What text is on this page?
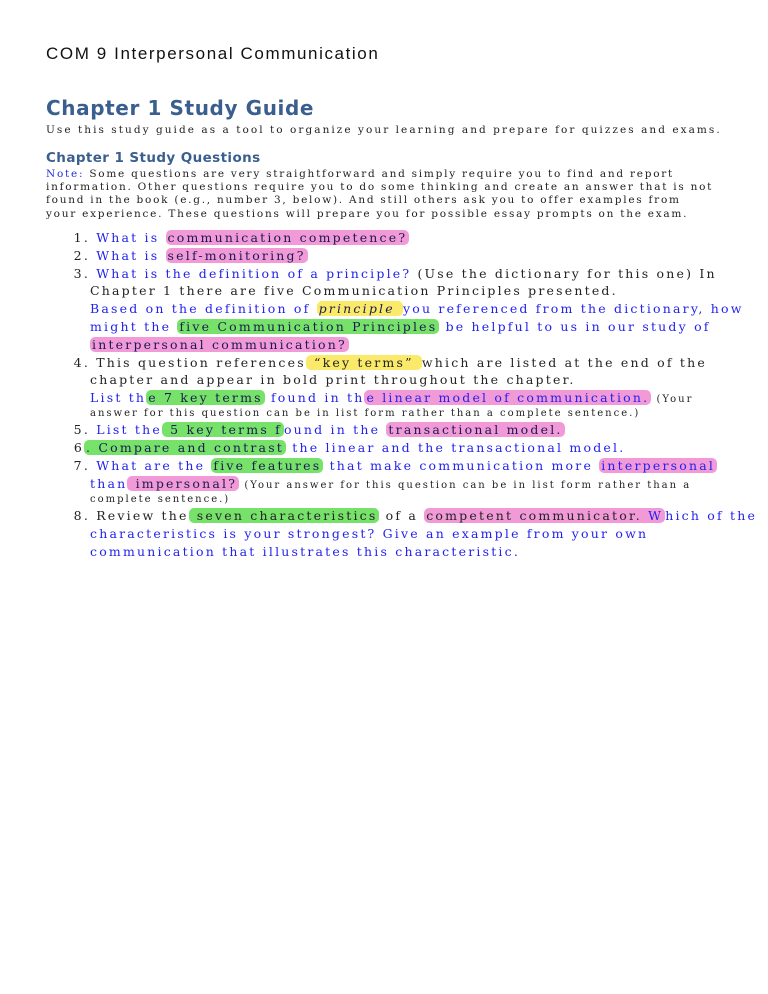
COM 9 Interpersonal Communication
Chapter 1 Study Guide
Use this study guide as a tool to organize your learning and prepare for quizzes and exams.
Chapter 1 Study Questions
Note: Some questions are very straightforward and simply require you to find and report
information. Other questions require you to do some thinking and create an answer that is not
found in the book (e.g., number 3, below). And still others ask you to offer examples from
your experience. These questions will prepare you for possible essay prompts on the exam.
1. What is communication competence?
2. What is self-monitoring?
3. What is the definition of a principle? (Use the dictionary for this one) In
Chapter 1 there are five Communication Principles presented.
Based on the definition of principle you referenced from the dictionary, how
might the five Communication Principles be helpful to us in our study of
interpersonal communication?
4. This question references “key terms” which are listed at the end of the
chapter and appear in bold print throughout the chapter.
List th e 7 key terms found in th e linear model of communication. (Your
answer for this question can be in list form rather than a complete sentence.)
5. List the 5 key terms f ound in the transactional model.
6 . Compare and contrast the linear and the transactional model.
7. What are the five features that make communication more interpersonal
than impersonal? (Your answer for this question can be in list form rather than a
complete sentence.)
8. Review the seven characteristics of a competent communicator. W hich of the
characteristics is your strongest? Give an example from your own
communication that illustrates this characteristic.
